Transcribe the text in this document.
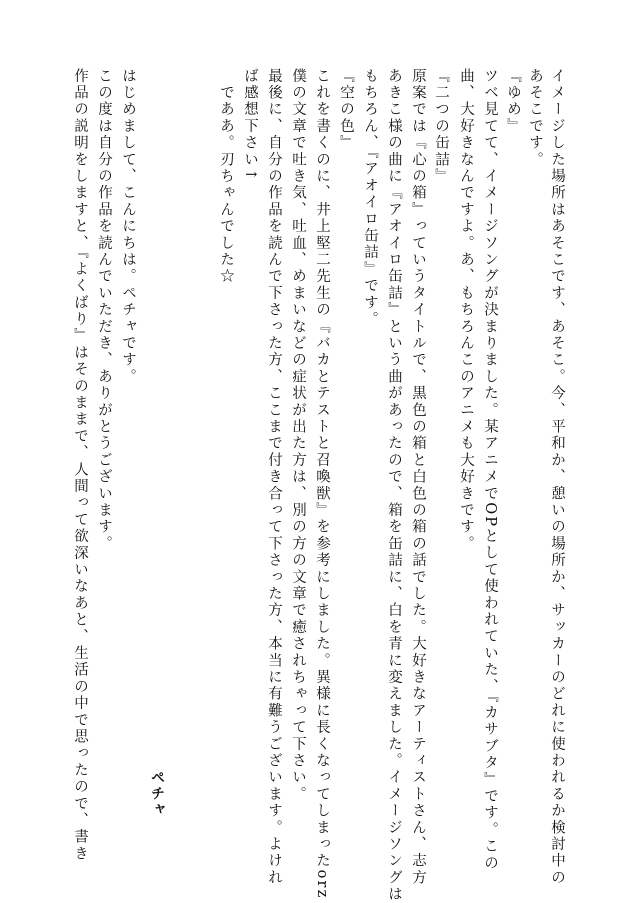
イメージした場所はあそこです、あそこ。今、平和か、憩いの場所か、サッカーのどれに使われるか検討中の
あそこです。
『ゆめ』
ツベ見てて、イメージソングが決まりました。某アニメでOPとして使われていた、『カサブタ』です。この
曲、大好きなんですよ。あ、もちろんこのアニメも大好きです。
『二つの缶詰』
原案では『心の箱』っていうタイトルで、黒色の箱と白色の箱の話でした。大好きなアーティストさん、志方
あきこ様の曲に『アオイロ缶詰』という曲があったので、箱を缶詰に、白を青に変えました。イメージソングは
もちろん、『アオイロ缶詰』です。
『空の色』
これを書くのに、井上堅二先生の『バカとテストと召喚獣』を参考にしました。異様に長くなってしまったorz
僕の文章で吐き気、吐血、めまいなどの症状が出た方は、別の方の文章で癒されちゃって下さい。
最後に、自分の作品を読んで下さった方、ここまで付き合って下さった方、本当に有難うございます。よけれ
ば感想下さい↑
　でああ。刃ちゃんでした☆
ペチャ
はじめまして、こんにちは。ペチャです。
この度は自分の作品を読んでいただき、ありがとうございます。
作品の説明をしますと、『よくばり』はそのままで、人間って欲深いなあと、生活の中で思ったので、書き
